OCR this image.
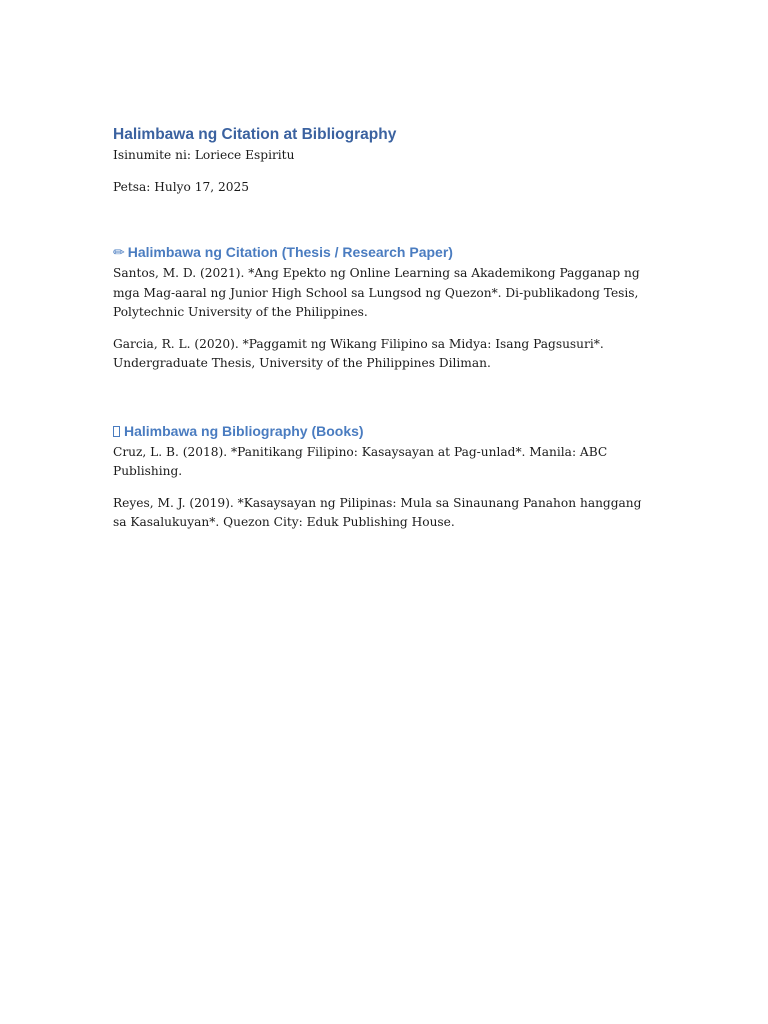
Halimbawa ng Citation at Bibliography

Isinumite ni: Loriece Espiritu

Petsa: Hulyo 17, 2025

✏ Halimbawa ng Citation (Thesis / Research Paper)

Santos, M. D. (2021). *Ang Epekto ng Online Learning sa Akademikong Pagganap ng mga Mag-aaral ng Junior High School sa Lungsod ng Quezon*. Di-publikadong Tesis, Polytechnic University of the Philippines.

Garcia, R. L. (2020). *Paggamit ng Wikang Filipino sa Midya: Isang Pagsusuri*. Undergraduate Thesis, University of the Philippines Diliman.

Halimbawa ng Bibliography (Books)

Cruz, L. B. (2018). *Panitikang Filipino: Kasaysayan at Pag-unlad*. Manila: ABC Publishing.

Reyes, M. J. (2019). *Kasaysayan ng Pilipinas: Mula sa Sinaunang Panahon hanggang sa Kasalukuyan*. Quezon City: Eduk Publishing House.
